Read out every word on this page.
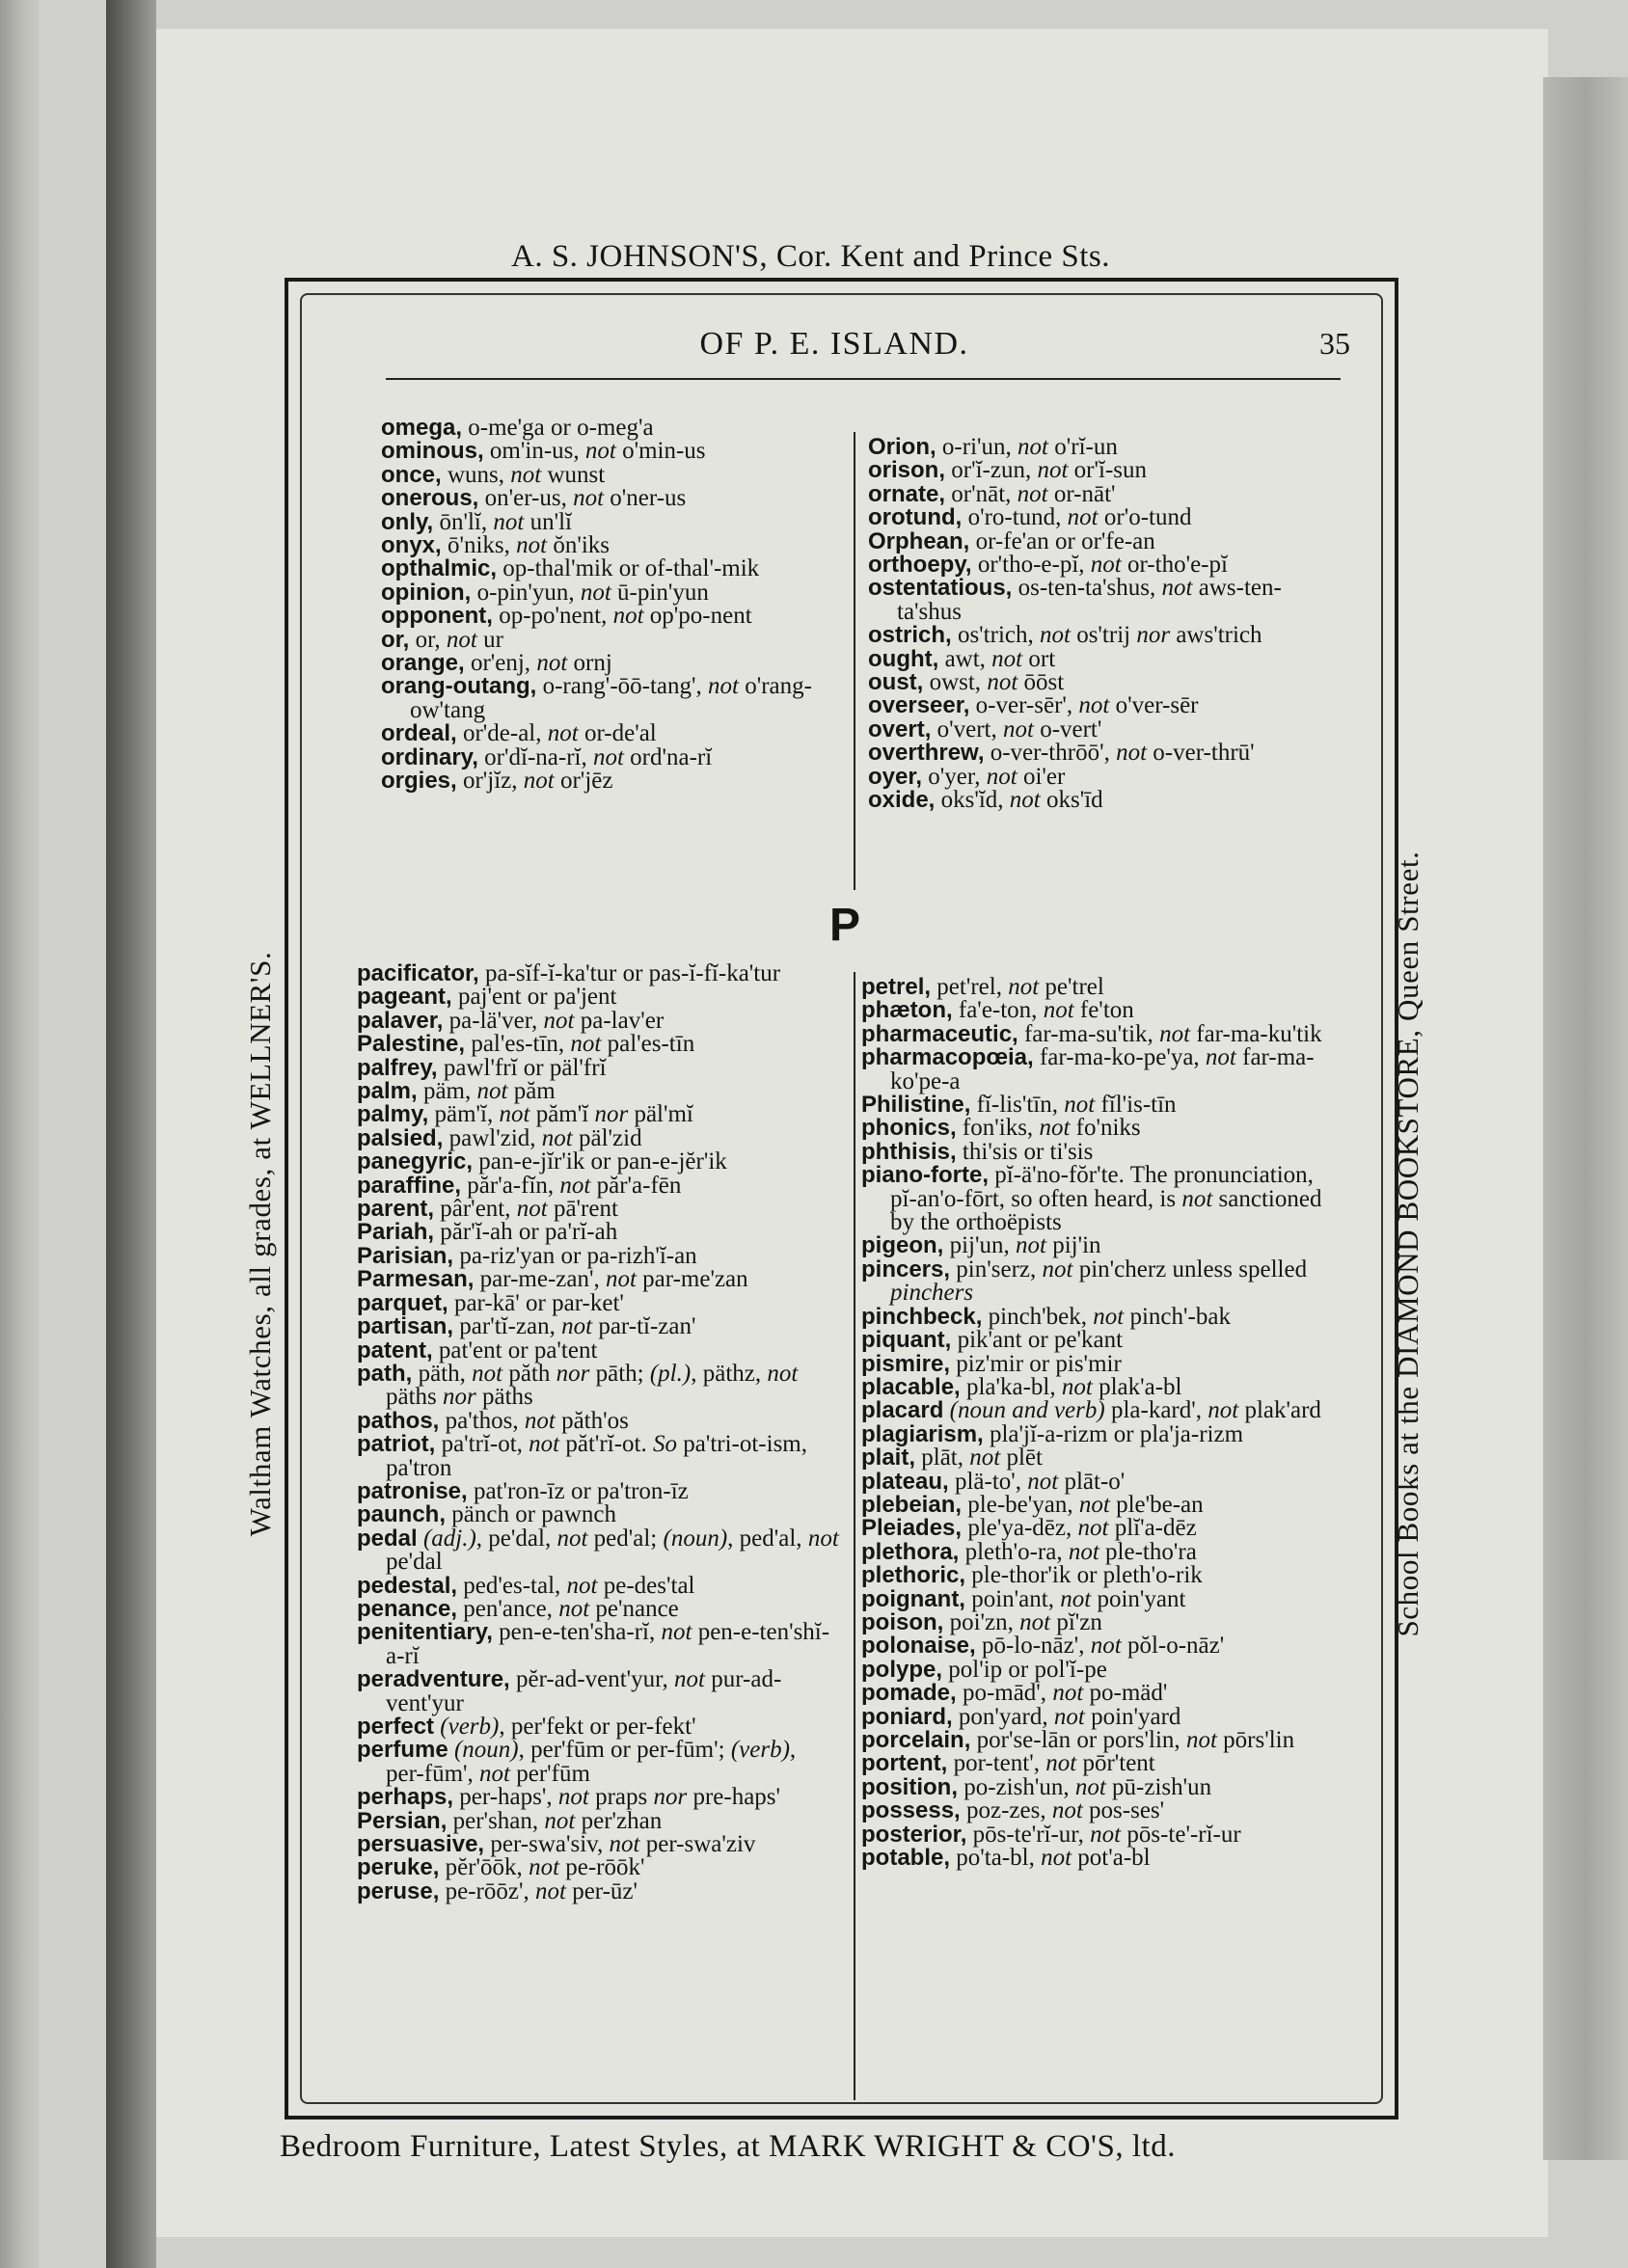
A. S. JOHNSON'S, Cor. Kent and Prince Sts.
Waltham Watches, all grades, at WELLNER'S.	School Books at the DIAMOND BOOKSTORE, Queen Street.
Bedroom Furniture, Latest Styles, at MARK WRIGHT & CO'S, ltd.
OF P. E. ISLAND.	35

omega, o-me'ga or o-meg'a

ominous, om'in-us, not o'min-us

once, wuns, not wunst

onerous, on'er-us, not o'ner-us

only, ōn'lĭ, not un'lĭ

onyx, ō'niks, not ŏn'iks

opthalmic, op-thal'mik or of-thal'-mik

opinion, o-pin'yun, not ū-pin'yun

opponent, op-po'nent, not op'po-nent

or, or, not ur

orange, or'enj, not ornj

orang-outang, o-rang'-ōō-tang', not o'rang-ow'tang

ordeal, or'de-al, not or-de'al

ordinary, or'dĭ-na-rĭ, not ord'na-rĭ

orgies, or'jĭz, not or'jēz

Orion, o-ri'un, not o'rĭ-un

orison, or'ĭ-zun, not or'ĭ-sun

ornate, or'nāt, not or-nāt'

orotund, o'ro-tund, not or'o-tund

Orphean, or-fe'an or or'fe-an

orthoepy, or'tho-e-pĭ, not or-tho'e-pĭ

ostentatious, os-ten-ta'shus, not aws-ten-ta'shus

ostrich, os'trich, not os'trij nor aws'trich

ought, awt, not ort

oust, owst, not ōōst

overseer, o-ver-sēr', not o'ver-sēr

overt, o'vert, not o-vert'

overthrew, o-ver-thrōō', not o-ver-thrū'

oyer, o'yer, not oi'er

oxide, oks'ĭd, not oks'īd

P

pacificator, pa-sĭf-ĭ-ka'tur or pas-ĭ-fĭ-ka'tur

pageant, paj'ent or pa'jent

palaver, pa-lä'ver, not pa-lav'er

Palestine, pal'es-tīn, not pal'es-tīn

palfrey, pawl'frĭ or päl'frĭ

palm, päm, not păm

palmy, päm'ĭ, not păm'ĭ nor päl'mĭ

palsied, pawl'zid, not päl'zid

panegyric, pan-e-jĭr'ik or pan-e-jĕr'ik

paraffine, păr'a-fĭn, not păr'a-fēn

parent, pâr'ent, not pā'rent

Pariah, păr'ĭ-ah or pa'rĭ-ah

Parisian, pa-riz'yan or pa-rizh'ĭ-an

Parmesan, par-me-zan', not par-me'zan

parquet, par-kā' or par-ket'

partisan, par'tĭ-zan, not par-tĭ-zan'

patent, pat'ent or pa'tent

path, päth, not păth nor pāth; (pl.), päthz, not päths nor päths

pathos, pa'thos, not păth'os

patriot, pa'trĭ-ot, not păt'rĭ-ot. So pa'tri-ot-ism, pa'tron

patronise, pat'ron-īz or pa'tron-īz

paunch, pänch or pawnch

pedal (adj.), pe'dal, not ped'al; (noun), ped'al, not pe'dal

pedestal, ped'es-tal, not pe-des'tal

penance, pen'ance, not pe'nance

penitentiary, pen-e-ten'sha-rĭ, not pen-e-ten'shĭ-a-rĭ

peradventure, pĕr-ad-vent'yur, not pur-ad-vent'yur

perfect (verb), per'fekt or per-fekt'

perfume (noun), per'fūm or per-fūm'; (verb), per-fūm', not per'fūm

perhaps, per-haps', not praps nor pre-haps'

Persian, per'shan, not per'zhan

persuasive, per-swa'siv, not per-swa'ziv

peruke, pĕr'ōōk, not pe-rōōk'

peruse, pe-rōōz', not per-ūz'

petrel, pet'rel, not pe'trel

phæton, fa'e-ton, not fe'ton

pharmaceutic, far-ma-su'tik, not far-ma-ku'tik

pharmacopœia, far-ma-ko-pe'ya, not far-ma-ko'pe-a

Philistine, fĭ-lis'tīn, not fĭl'is-tīn

phonics, fon'iks, not fo'niks

phthisis, thi'sis or ti'sis

piano-forte, pĭ-ä'no-fŏr'te. The pronunciation, pĭ-an'o-fōrt, so often heard, is not sanctioned by the orthoëpists

pigeon, pij'un, not pij'in

pincers, pin'serz, not pin'cherz unless spelled pinchers

pinchbeck, pinch'bek, not pinch'-bak

piquant, pik'ant or pe'kant

pismire, piz'mir or pis'mir

placable, pla'ka-bl, not plak'a-bl

placard (noun and verb) pla-kard', not plak'ard

plagiarism, pla'jĭ-a-rizm or pla'ja-rizm

plait, plāt, not plēt

plateau, plä-to', not plāt-o'

plebeian, ple-be'yan, not ple'be-an

Pleiades, ple'ya-dēz, not plĭ'a-dēz

plethora, pleth'o-ra, not ple-tho'ra

plethoric, ple-thor'ik or pleth'o-rik

poignant, poin'ant, not poin'yant

poison, poi'zn, not pĭ'zn

polonaise, pō-lo-nāz', not pŏl-o-nāz'

polype, pol'ip or pol'ĭ-pe

pomade, po-mād', not po-mäd'

poniard, pon'yard, not poin'yard

porcelain, por'se-lān or pors'lin, not pōrs'lin

portent, por-tent', not pōr'tent

position, po-zish'un, not pū-zish'un

possess, poz-zes, not pos-ses'

posterior, pōs-te'rĭ-ur, not pōs-te'-rĭ-ur

potable, po'ta-bl, not pot'a-bl
